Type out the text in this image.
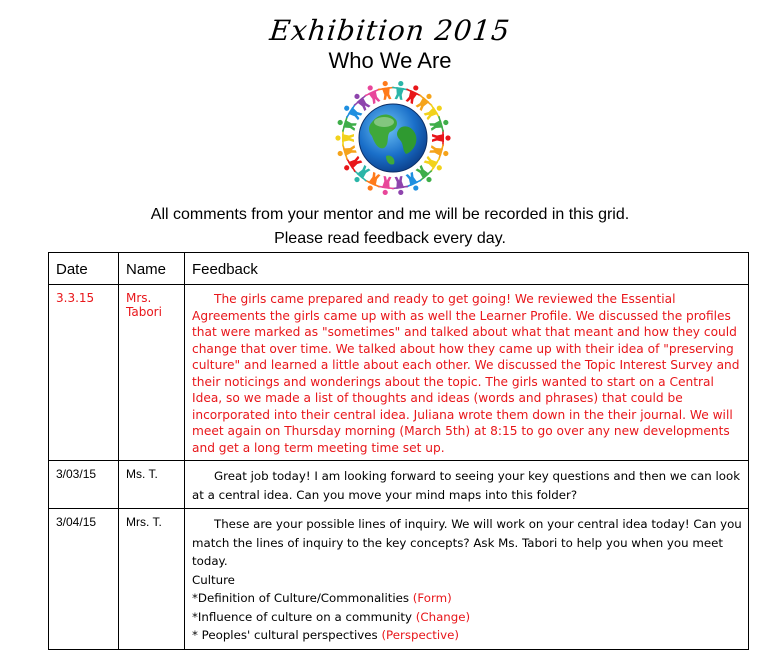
Exhibition 2015
Who We Are
All comments from your mentor and me will be recorded in this grid.
Please read feedback every day.
Date	Name	Feedback
3.3.15	Mrs. Tabori	The girls came prepared and ready to get going! We reviewed the Essential Agreements the girls came up with as well the Learner Profile. We discussed the profiles that were marked as "sometimes" and talked about what that meant and how they could change that over time. We talked about how they came up with their idea of "preserving culture" and learned a little about each other. We discussed the Topic Interest Survey and their noticings and wonderings about the topic. The girls wanted to start on a Central Idea, so we made a list of thoughts and ideas (words and phrases) that could be incorporated into their central idea. Juliana wrote them down in the their journal. We will meet again on Thursday morning (March 5th) at 8:15 to go over any new developments and get a long term meeting time set up.
3/03/15	Ms. T.	Great job today! I am looking forward to seeing your key questions and then we can look at a central idea. Can you move your mind maps into this folder?

3/04/15	Mrs. T.	These are your possible lines of inquiry. We will work on your central idea today! Can you match the lines of inquiry to the key concepts? Ask Ms. Tabori to help you when you meet today.
Culture
*Definition of Culture/Commonalities (Form)
*Influence of culture on a community (Change)
* Peoples' cultural perspectives (Perspective)
